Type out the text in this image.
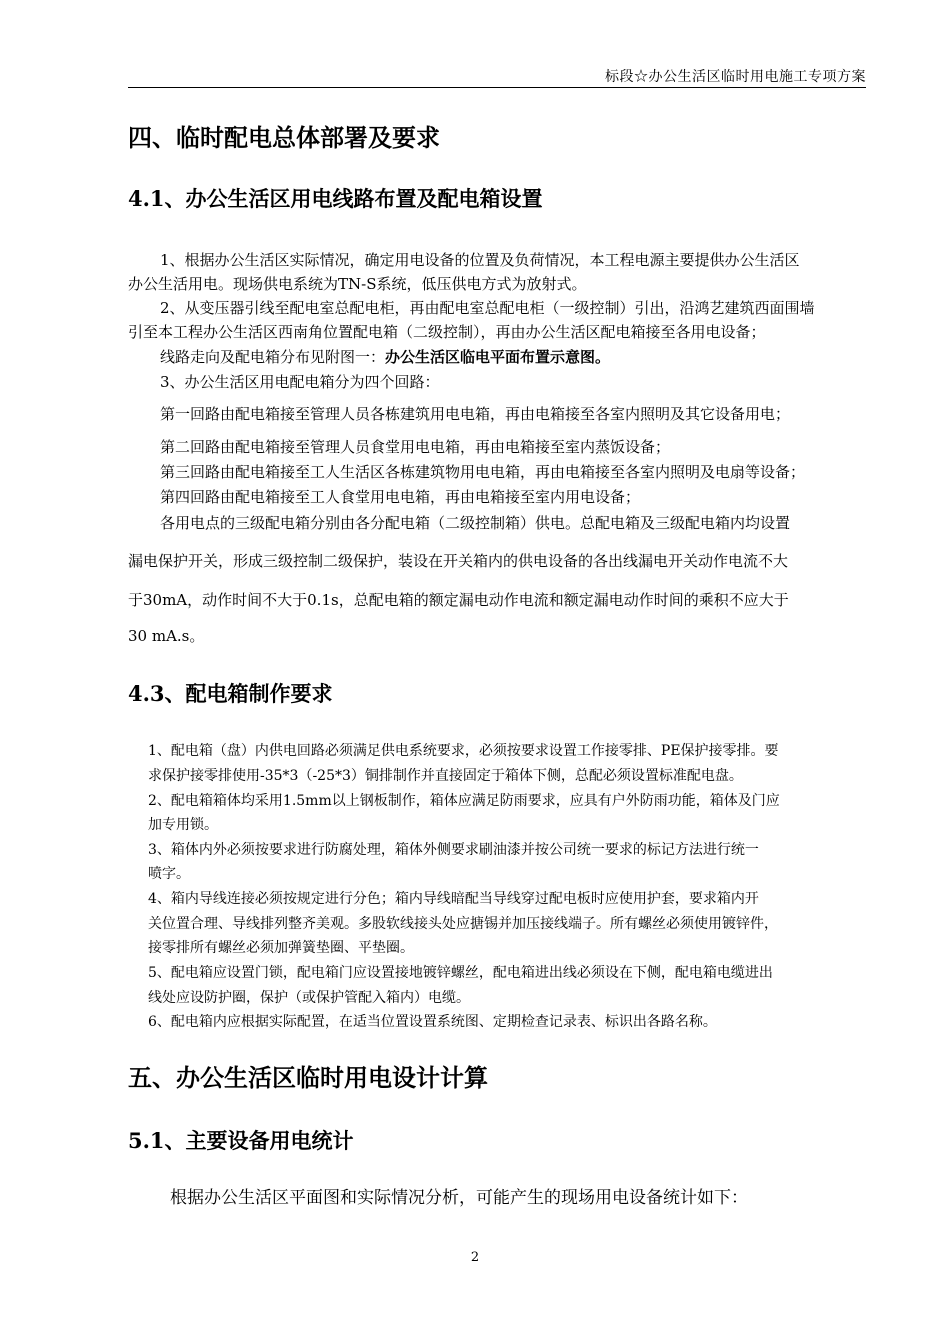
标段☆办公生活区临时用电施工专项方案
四、临时配电总体部署及要求
4.1、办公生活区用电线路布置及配电箱设置
1、根据办公生活区实际情况，确定用电设备的位置及负荷情况，本工程电源主要提供办公生活区
办公生活用电。现场供电系统为TN-S系统，低压供电方式为放射式。
2、从变压器引线至配电室总配电柜，再由配电室总配电柜（一级控制）引出，沿鸿艺建筑西面围墙
引至本工程办公生活区西南角位置配电箱（二级控制），再由办公生活区配电箱接至各用电设备；
线路走向及配电箱分布见附图一：办公生活区临电平面布置示意图。
3、办公生活区用电配电箱分为四个回路：
第一回路由配电箱接至管理人员各栋建筑用电电箱，再由电箱接至各室内照明及其它设备用电；
第二回路由配电箱接至管理人员食堂用电电箱，再由电箱接至室内蒸饭设备；
第三回路由配电箱接至工人生活区各栋建筑物用电电箱，再由电箱接至各室内照明及电扇等设备；
第四回路由配电箱接至工人食堂用电电箱，再由电箱接至室内用电设备；
各用电点的三级配电箱分别由各分配电箱（二级控制箱）供电。总配电箱及三级配电箱内均设置
漏电保护开关，形成三级控制二级保护，装设在开关箱内的供电设备的各出线漏电开关动作电流不大
于30mA，动作时间不大于0.1s，总配电箱的额定漏电动作电流和额定漏电动作时间的乘积不应大于
30 mA.s。
4.3、配电箱制作要求
1、配电箱（盘）内供电回路必须满足供电系统要求，必须按要求设置工作接零排、PE保护接零排。要
求保护接零排使用-35*3（-25*3）铜排制作并直接固定于箱体下侧，总配必须设置标准配电盘。
2、配电箱箱体均采用1.5mm以上钢板制作，箱体应满足防雨要求，应具有户外防雨功能，箱体及门应
加专用锁。
3、箱体内外必须按要求进行防腐处理，箱体外侧要求刷油漆并按公司统一要求的标记方法进行统一
喷字。
4、箱内导线连接必须按规定进行分色；箱内导线暗配当导线穿过配电板时应使用护套，要求箱内开
关位置合理、导线排列整齐美观。多股软线接头处应搪锡并加压接线端子。所有螺丝必须使用镀锌件，
接零排所有螺丝必须加弹簧垫圈、平垫圈。
5、配电箱应设置门锁，配电箱门应设置接地镀锌螺丝，配电箱进出线必须设在下侧，配电箱电缆进出
线处应设防护圈，保护（或保护管配入箱内）电缆。
6、配电箱内应根据实际配置，在适当位置设置系统图、定期检查记录表、标识出各路名称。
五、办公生活区临时用电设计计算
5.1、主要设备用电统计
根据办公生活区平面图和实际情况分析，可能产生的现场用电设备统计如下：
2
